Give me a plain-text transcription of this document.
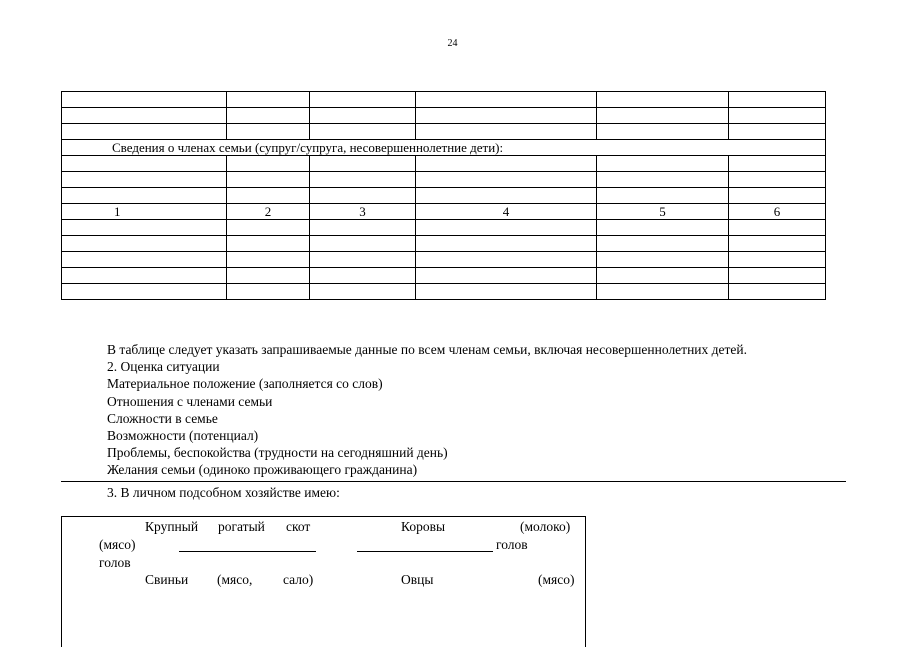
24

Сведения о членах семьи (супруг/супруга, несовершеннолетние дети):					

1	2	3	4	5	6

В таблице следует указать запрашиваемые данные по всем членам семьи, включая несовершеннолетних детей.
2. Оценка ситуации
Материальное положение (заполняется со слов)
Отношения с членами семьи
Сложности в семье
Возможности (потенциал)
Проблемы, беспокойства (трудности на сегодняшний день)
Желания семьи (одиноко проживающего гражданина)
3. В личном подсобном хозяйстве имею:
Крупный рогатый скот	Коровы	(молоко)
(мясо)	голов
голов
Свиньи (мясо, сало)	Овцы	(мясо)
